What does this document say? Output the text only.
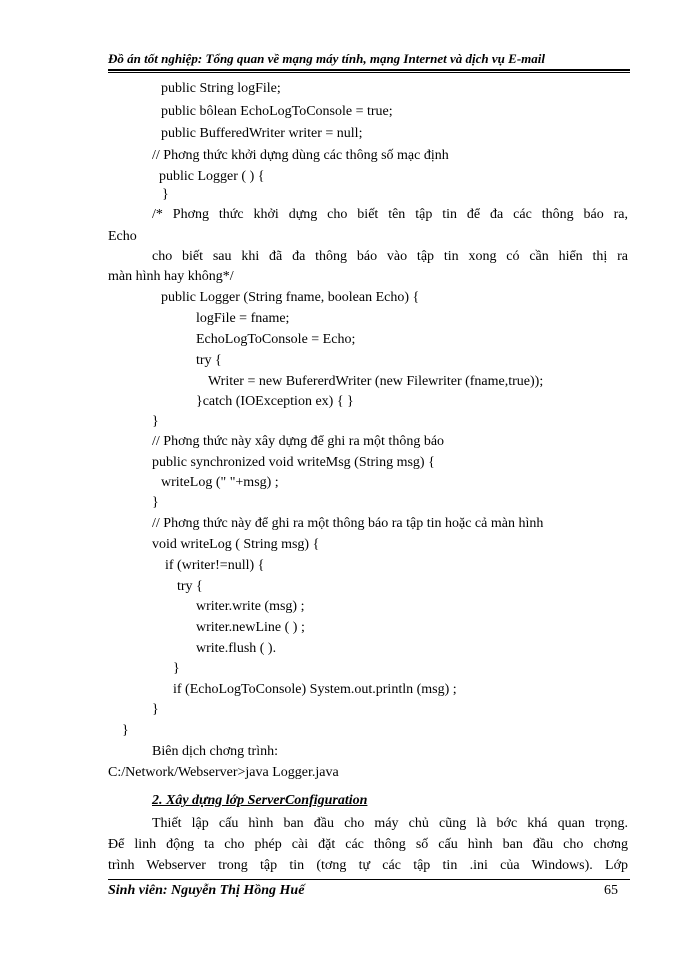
Đồ án tốt nghiệp: Tổng quan về mạng máy tính, mạng Internet và dịch vụ E-mail
public String logFile;
public bôlean EchoLogToConsole = true;
public BufferedWriter writer = null;
// Phơng thức khởi dựng dùng các thông số mạc định
public Logger ( ) {
}
/* Phơng thức khởi dựng cho biết tên tập tin để đa các thông báo ra,
Echo
cho biết sau khi đã đa thông báo vào tập tin xong có cần hiển thị ra
màn hình hay không*/
public Logger (String fname, boolean Echo) {
logFile = fname;
EchoLogToConsole = Echo;
try {
Writer = new BufererdWriter (new Filewriter (fname,true));
}catch (IOException ex) { }
}
// Phơng thức này xây dựng để ghi ra một thông báo
public synchronized void writeMsg (String msg) {
writeLog (" "+msg) ;
}
// Phơng thức này để ghi ra một thông báo ra tập tin hoặc cả màn hình
void writeLog ( String msg) {
if (writer!=null) {
try {
writer.write (msg) ;
writer.newLine ( ) ;
write.flush ( ).
}
if (EchoLogToConsole) System.out.println (msg) ;
}
}
Biên dịch chơng trình:
C:/Network/Webserver>java Logger.java
2. Xây dựng lớp ServerConfiguration
Thiết lập cấu hình ban đầu cho máy chủ cũng là bớc khá quan trọng.
Để linh động ta cho phép cài đặt các thông số cấu hình ban đầu cho chơng
trình Webserver trong tập tin (tơng tự các tập tin .ini của Windows). Lớp
Sinh viên: Nguyễn Thị Hồng Huế	65
